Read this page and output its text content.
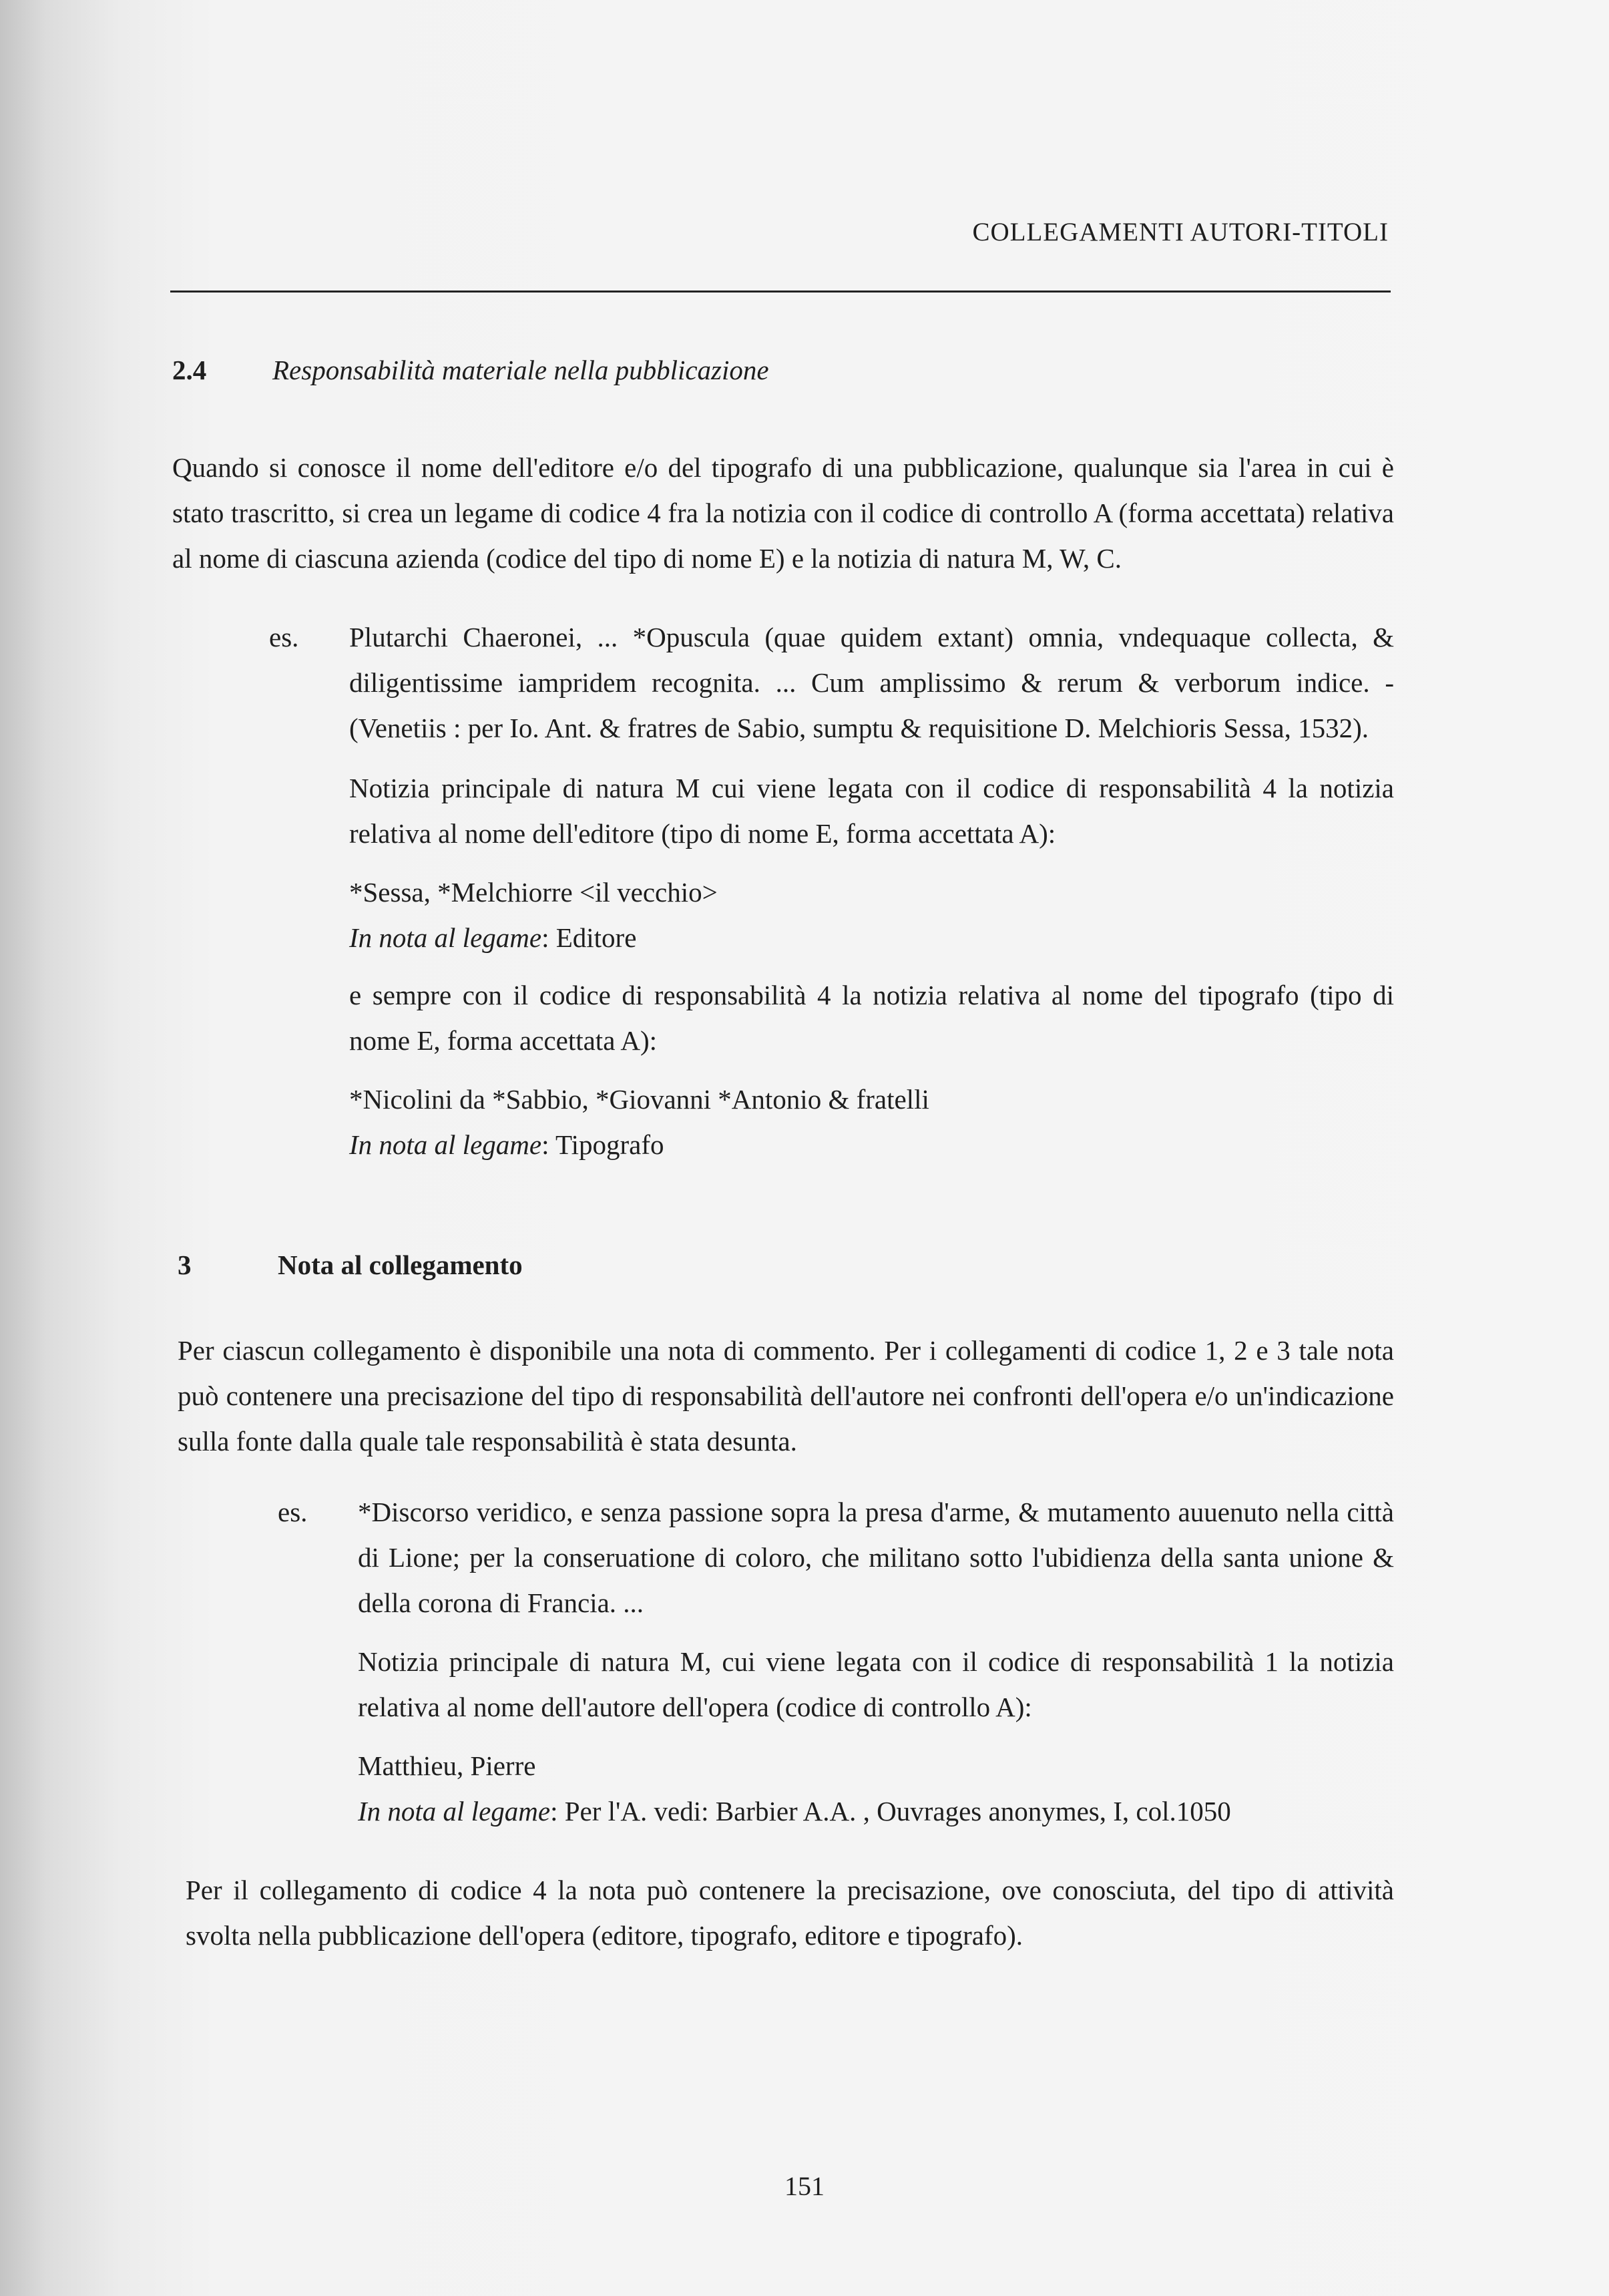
COLLEGAMENTI AUTORI-TITOLI
2.4	Responsabilità materiale nella pubblicazione

Quando si conosce il nome dell'editore e/o del tipografo di una pubblicazione, qualunque sia l'area in cui è stato trascritto, si crea un legame di codice 4 fra la notizia con il codice di controllo A (forma accettata) relativa al nome di ciascuna azienda (codice del tipo di nome E) e la notizia di natura M, W, C.

es.	Plutarchi Chaeronei, ... *Opuscula (quae quidem extant) omnia, vndequaque collecta, & diligentissime iampridem recognita. ... Cum amplissimo & rerum & verborum indice. - (Venetiis : per Io. Ant. & fratres de Sabio, sumptu & requisitione D. Melchioris Sessa, 1532).

Notizia principale di natura M cui viene legata con il codice di responsabilità 4 la notizia relativa al nome dell'editore (tipo di nome E, forma accettata A):

*Sessa, *Melchiorre <il vecchio>

In nota al legame: Editore

e sempre con il codice di responsabilità 4 la notizia relativa al nome del tipografo (tipo di nome E, forma accettata A):

*Nicolini da *Sabbio, *Giovanni *Antonio & fratelli

In nota al legame: Tipografo

3	Nota al collegamento

Per ciascun collegamento è disponibile una nota di commento. Per i collegamenti di codice 1, 2 e 3 tale nota può contenere una precisazione del tipo di responsabilità dell'autore nei confronti dell'opera e/o un'indicazione sulla fonte dalla quale tale responsabilità è stata desunta.

es.	*Discorso veridico, e senza passione sopra la presa d'arme, & mutamento auuenuto nella città di Lione; per la conseruatione di coloro, che militano sotto l'ubidienza della santa unione & della corona di Francia. ...

Notizia principale di natura M, cui viene legata con il codice di responsabilità 1 la notizia relativa al nome dell'autore dell'opera (codice di controllo A):

Matthieu, Pierre

In nota al legame: Per l'A. vedi: Barbier A.A. , Ouvrages anonymes, I, col.1050

Per il collegamento di codice 4 la nota può contenere la precisazione, ove conosciuta, del tipo di attività svolta nella pubblicazione dell'opera (editore, tipografo, editore e tipografo).

151
